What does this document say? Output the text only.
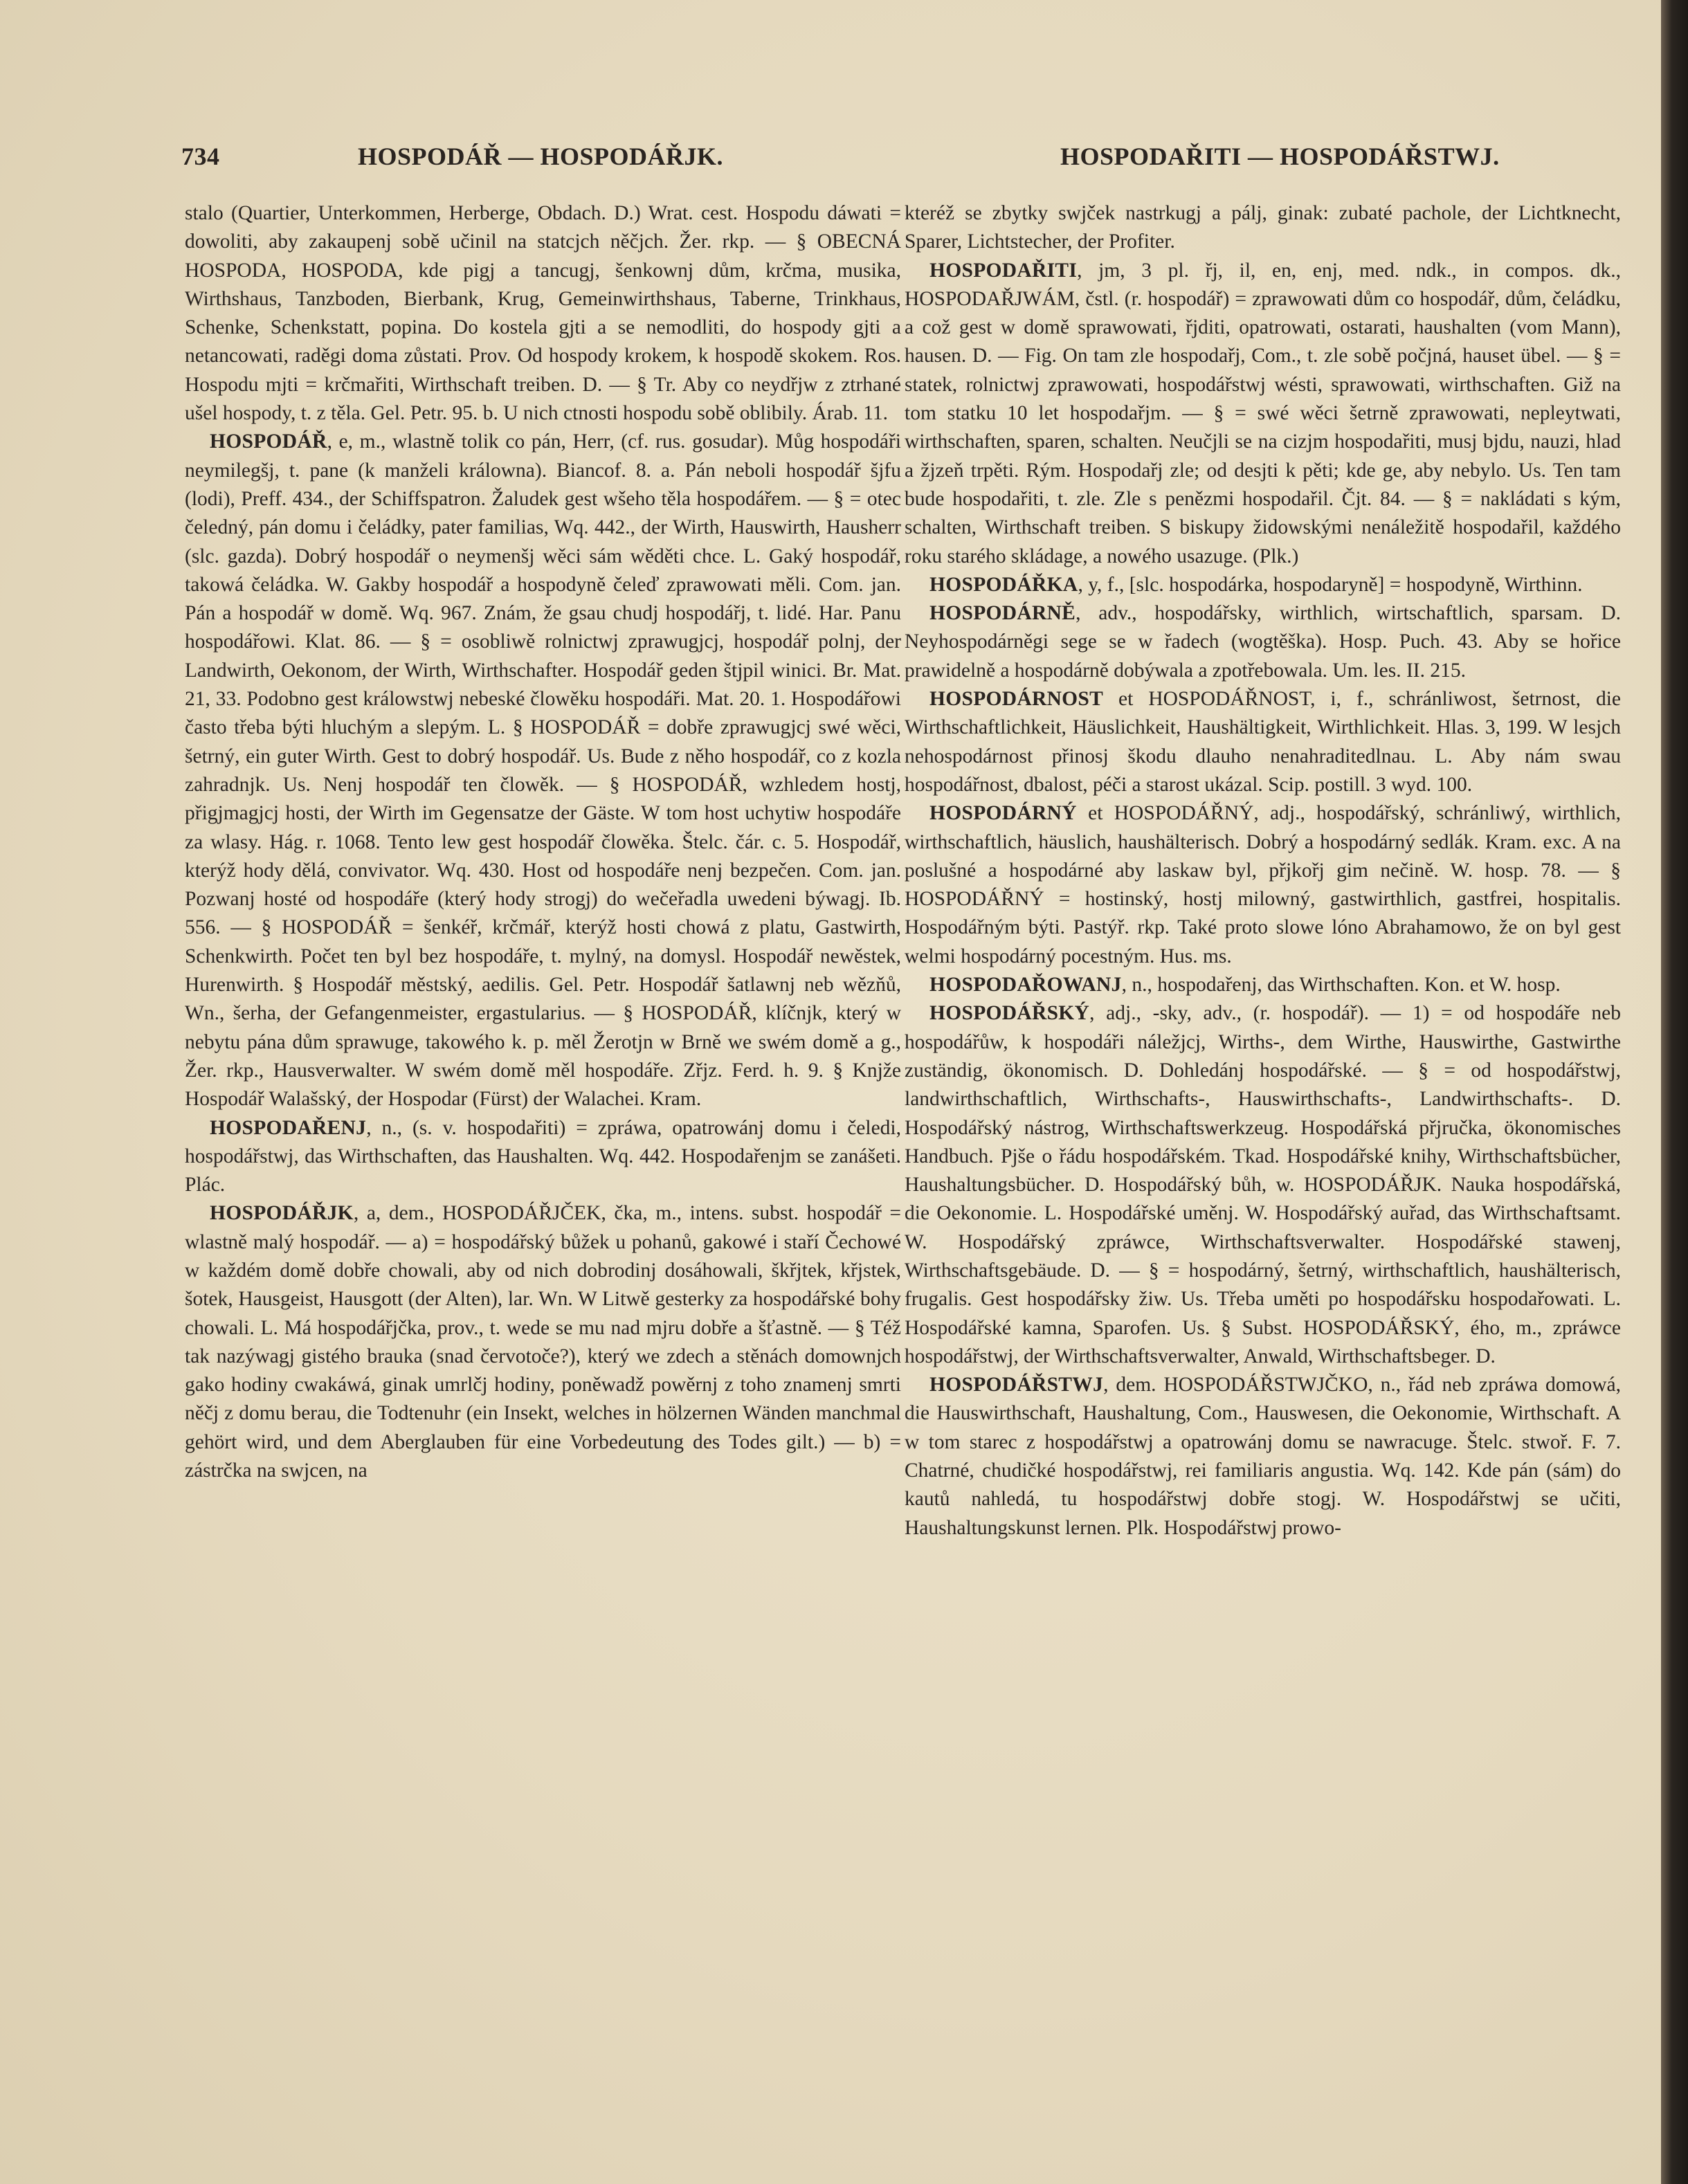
734	HOSPODÁŘ — HOSPODÁŘJK.	HOSPODAŘITI — HOSPODÁŘSTWJ.

stalo (Quartier, Unterkommen, Herberge, Obdach. D.) Wrat. cest. Hospodu dáwati = dowoliti, aby zakaupenj sobě učinil na statcjch něčjch. Žer. rkp. — § OBECNÁ HOSPODA, HOSPODA, kde pigj a tancugj, šenkownj dům, krčma, musika, Wirthshaus, Tanzboden, Bierbank, Krug, Gemeinwirthshaus, Taberne, Trinkhaus, Schenke, Schenkstatt, popina. Do kostela gjti a se nemodliti, do hospody gjti a netancowati, raděgi doma zůstati. Prov. Od hospody krokem, k hospodě skokem. Ros. Hospodu mjti = krčmařiti, Wirthschaft treiben. D. — § Tr. Aby co neydřjw z ztrhané ušel hospody, t. z těla. Gel. Petr. 95. b. U nich ctnosti hospodu sobě oblibily. Árab. 11.

HOSPODÁŘ, e, m., wlastně tolik co pán, Herr, (cf. rus. gosudar). Můg hospodáři neymilegšj, t. pane (k manželi králowna). Biancof. 8. a. Pán neboli hospodář šjfu (lodi), Preff. 434., der Schiffspatron. Žaludek gest wšeho těla hospodářem. — § = otec čeledný, pán domu i čeládky, pater familias, Wq. 442., der Wirth, Hauswirth, Hausherr (slc. gazda). Dobrý hospodář o neymenšj wěci sám wěděti chce. L. Gaký hospodář, takowá čeládka. W. Gakby hospodář a hospodyně čeleď zprawowati měli. Com. jan. Pán a hospodář w domě. Wq. 967. Znám, že gsau chudj hospodářj, t. lidé. Har. Panu hospodářowi. Klat. 86. — § = osobliwě rolnictwj zprawugjcj, hospodář polnj, der Landwirth, Oekonom, der Wirth, Wirthschafter. Hospodář geden štjpil winici. Br. Mat. 21, 33. Podobno gest králowstwj nebeské člowěku hospodáři. Mat. 20. 1. Hospodářowi často třeba býti hluchým a slepým. L. § HOSPODÁŘ = dobře zprawugjcj swé wěci, šetrný, ein guter Wirth. Gest to dobrý hospodář. Us. Bude z něho hospodář, co z kozla zahradnjk. Us. Nenj hospodář ten člowěk. — § HOSPODÁŘ, wzhledem hostj, přigjmagjcj hosti, der Wirth im Gegensatze der Gäste. W tom host uchytiw hospodáře za wlasy. Hág. r. 1068. Tento lew gest hospodář člowěka. Štelc. čár. c. 5. Hospodář, kterýž hody dělá, convivator. Wq. 430. Host od hospodáře nenj bezpečen. Com. jan. Pozwanj hosté od hospodáře (který hody strogj) do wečeřadla uwedeni býwagj. Ib. 556. — § HOSPODÁŘ = šenkéř, krčmář, kterýž hosti chowá z platu, Gastwirth, Schenkwirth. Počet ten byl bez hospodáře, t. mylný, na domysl. Hospodář newěstek, Hurenwirth. § Hospodář městský, aedilis. Gel. Petr. Hospodář šatlawnj neb wězňů, Wn., šerha, der Gefangenmeister, ergastularius. — § HOSPODÁŘ, klíčnjk, který w nebytu pána dům sprawuge, takowého k. p. měl Žerotjn w Brně we swém domě a g., Žer. rkp., Hausverwalter. W swém domě měl hospodáře. Zřjz. Ferd. h. 9. § Knjže Hospodář Walašský, der Hospodar (Fürst) der Walachei. Kram.

HOSPODAŘENJ, n., (s. v. hospodařiti) = zpráwa, opatrowánj domu i čeledi, hospodářstwj, das Wirthschaften, das Haushalten. Wq. 442. Hospodařenjm se zanášeti. Plác.

HOSPODÁŘJK, a, dem., HOSPODÁŘJČEK, čka, m., intens. subst. hospodář = wlastně malý hospodář. — a) = hospodářský bůžek u pohanů, gakowé i staří Čechowé w každém domě dobře chowali, aby od nich dobrodinj dosáhowali, škřjtek, křjstek, šotek, Hausgeist, Hausgott (der Alten), lar. Wn. W Litwě gesterky za hospodářské bohy chowali. L. Má hospodářjčka, prov., t. wede se mu nad mjru dobře a šťastně. — § Též tak nazýwagj gistého brauka (snad červotoče?), který we zdech a stěnách domownjch gako hodiny cwakáwá, ginak umrlčj hodiny, poněwadž powěrnj z toho znamenj smrti něčj z domu berau, die Todtenuhr (ein Insekt, welches in hölzernen Wänden manchmal gehört wird, und dem Aberglauben für eine Vorbedeutung des Todes gilt.) — b) = zástrčka na swjcen, na

kteréž se zbytky swjček nastrkugj a pálj, ginak: zubaté pachole, der Lichtknecht, Sparer, Lichtstecher, der Profiter.

HOSPODAŘITI, jm, 3 pl. řj, il, en, enj, med. ndk., in compos. dk., HOSPODAŘJWÁM, čstl. (r. hospodář) = zprawowati dům co hospodář, dům, čeládku, a což gest w domě sprawowati, řjditi, opatrowati, ostarati, haushalten (vom Mann), hausen. D. — Fig. On tam zle hospodařj, Com., t. zle sobě počjná, hauset übel. — § = statek, rolnictwj zprawowati, hospodářstwj wésti, sprawowati, wirthschaften. Giž na tom statku 10 let hospodařjm. — § = swé wěci šetrně zprawowati, nepleytwati, wirthschaften, sparen, schalten. Neučjli se na cizjm hospodařiti, musj bjdu, nauzi, hlad a žjzeň trpěti. Rým. Hospodařj zle; od desjti k pěti; kde ge, aby nebylo. Us. Ten tam bude hospodařiti, t. zle. Zle s penězmi hospodařil. Čjt. 84. — § = nakládati s kým, schalten, Wirthschaft treiben. S biskupy židowskými nenáležitě hospodařil, každého roku starého skládage, a nowého usazuge. (Plk.)

HOSPODÁŘKA, y, f., [slc. hospodárka, hospodaryně] = hospodyně, Wirthinn.

HOSPODÁRNĚ, adv., hospodářsky, wirthlich, wirtschaftlich, sparsam. D. Neyhospodárněgi sege se w řadech (wogtěška). Hosp. Puch. 43. Aby se hořice prawidelně a hospodárně dobýwala a zpotřebowala. Um. les. II. 215.

HOSPODÁRNOST et HOSPODÁŘNOST, i, f., schránliwost, šetrnost, die Wirthschaftlichkeit, Häuslichkeit, Haushältigkeit, Wirthlichkeit. Hlas. 3, 199. W lesjch nehospodárnost přinosj škodu dlauho nenahraditedlnau. L. Aby nám swau hospodářnost, dbalost, péči a starost ukázal. Scip. postill. 3 wyd. 100.

HOSPODÁRNÝ et HOSPODÁŘNÝ, adj., hospodářský, schránliwý, wirthlich, wirthschaftlich, häuslich, haushälterisch. Dobrý a hospodárný sedlák. Kram. exc. A na poslušné a hospodárné aby laskaw byl, přjkořj gim nečině. W. hosp. 78. — § HOSPODÁŘNÝ = hostinský, hostj milowný, gastwirthlich, gastfrei, hospitalis. Hospodářným býti. Pastýř. rkp. Také proto slowe lóno Abrahamowo, že on byl gest welmi hospodárný pocestným. Hus. ms.

HOSPODAŘOWANJ, n., hospodařenj, das Wirthschaften. Kon. et W. hosp.

HOSPODÁŘSKÝ, adj., -sky, adv., (r. hospodář). — 1) = od hospodáře neb hospodářůw, k hospodáři náležjcj, Wirths-, dem Wirthe, Hauswirthe, Gastwirthe zuständig, ökonomisch. D. Dohledánj hospodářské. — § = od hospodářstwj, landwirthschaftlich, Wirthschafts-, Hauswirthschafts-, Landwirthschafts-. D. Hospodářský nástrog, Wirthschaftswerkzeug. Hospodářská přjručka, ökonomisches Handbuch. Pjše o řádu hospodářském. Tkad. Hospodářské knihy, Wirthschaftsbücher, Haushaltungsbücher. D. Hospodářský bůh, w. HOSPODÁŘJK. Nauka hospodářská, die Oekonomie. L. Hospodářské uměnj. W. Hospodářský auřad, das Wirthschaftsamt. W. Hospodářský zpráwce, Wirthschaftsverwalter. Hospodářské stawenj, Wirthschaftsgebäude. D. — § = hospodárný, šetrný, wirthschaftlich, haushälterisch, frugalis. Gest hospodářsky žiw. Us. Třeba uměti po hospodářsku hospodařowati. L. Hospodářské kamna, Sparofen. Us. § Subst. HOSPODÁŘSKÝ, ého, m., zpráwce hospodářstwj, der Wirthschaftsverwalter, Anwald, Wirthschaftsbeger. D.

HOSPODÁŘSTWJ, dem. HOSPODÁŘSTWJČKO, n., řád neb zpráwa domowá, die Hauswirthschaft, Haushaltung, Com., Hauswesen, die Oekonomie, Wirthschaft. A w tom starec z hospodářstwj a opatrowánj domu se nawracuge. Štelc. stwoř. F. 7. Chatrné, chudičké hospodářstwj, rei familiaris angustia. Wq. 142. Kde pán (sám) do kautů nahledá, tu hospodářstwj dobře stogj. W. Hospodářstwj se učiti, Haushaltungskunst lernen. Plk. Hospodářstwj prowo-
